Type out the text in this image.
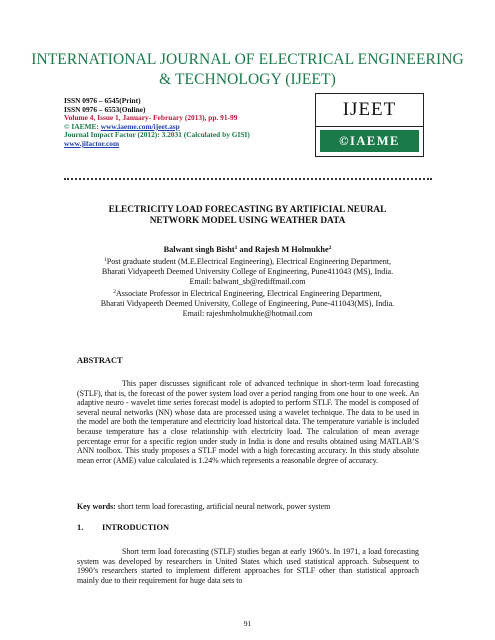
INTERNATIONAL JOURNAL OF ELECTRICAL ENGINEERING
& TECHNOLOGY (IJEET)
ISSN 0976 – 6545(Print)
ISSN 0976 – 6553(Online)
Volume 4, Issue 1, January- February (2013), pp. 91-99
© IAEME: www.iaeme.com/ijeet.asp
Journal Impact Factor (2012): 3.2031 (Calculated by GISI)
www.jifactor.com
IJEET
©IAEME
ELECTRICITY LOAD FORECASTING BY ARTIFICIAL NEURAL
NETWORK MODEL USING WEATHER DATA
Balwant singh Bisht$^1$ and Rajesh M Holmukhe$^2$
$^1$Post graduate student (M.E.Electrical Engineering), Electrical Engineering Department,
Bharati Vidyapeeth Deemed University College of Engineering, Pune411043 (MS), India.
Email: balwant_sb@rediffmail.com
$^2$Associate Professor in Electrical Engineering, Electrical Engineering Department,
Bharati Vidyapeeth Deemed University, College of Engineering, Pune-411043(MS), India.
Email: rajeshmholmukhe@hotmail.com
ABSTRACT

This paper discusses significant role of advanced technique in short-term load forecasting (STLF), that is, the forecast of the power system load over a period ranging from one hour to one week. An adaptive neuro - wavelet time series forecast model is adopted to perform STLF. The model is composed of several neural networks (NN) whose data are processed using a wavelet technique. The data to be used in the model are both the temperature and electricity load historical data. The temperature variable is included because temperature has a close relationship with electricity load. The calculation of mean average percentage error for a specific region under study in India is done and results obtained using MATLAB’S ANN toolbox. This study proposes a STLF model with a high forecasting accuracy. In this study absolute mean error (AME) value calculated is 1.24% which represents a reasonable degree of accuracy.

Key words: short term load forecasting, artificial neural network, power system

1. INTRODUCTION

Short term load forecasting (STLF) studies began at early 1960’s. In 1971, a load forecasting system was developed by researchers in United States which used statistical approach. Subsequent to 1990’s researchers started to implement different approaches for STLF other than statistical approach mainly due to their requirement for huge data sets to

91
